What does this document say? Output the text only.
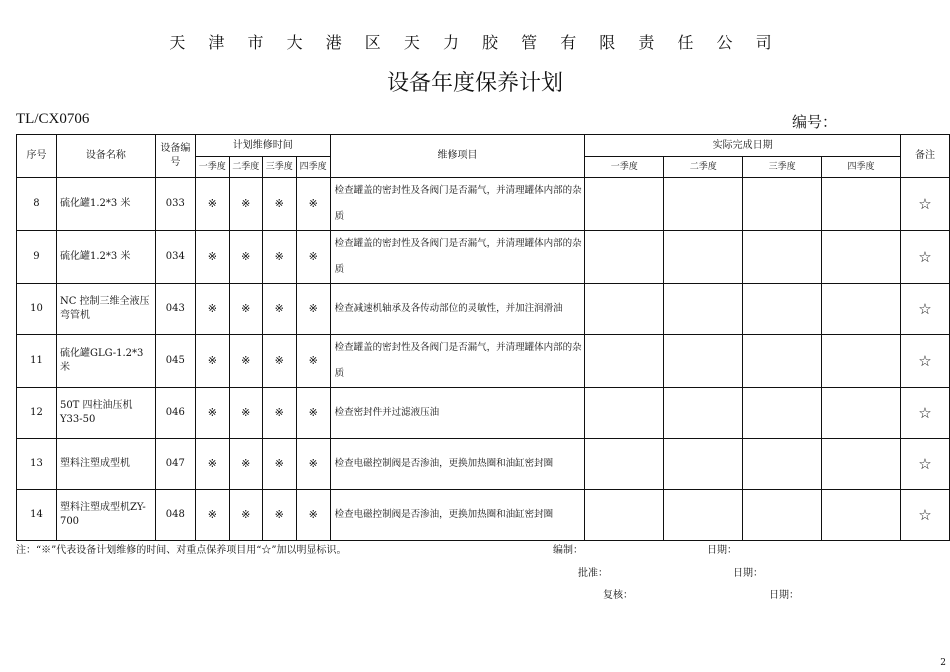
天 津 市 大 港 区 天 力 胶 管 有 限 责 任 公 司
设备年度保养计划
TL/CX0706	编号：
序号	设备名称	设备编号	计划维修时间				维修项目	实际完成日期				备注
			一季度	二季度	三季度	四季度		一季度	二季度	三季度	四季度	
8	硫化罐1.2*3 米	033	※	※	※	※	检查罐盖的密封性及各阀门是否漏气，并清理罐体内部的杂质					☆
9	硫化罐1.2*3 米	034	※	※	※	※	检查罐盖的密封性及各阀门是否漏气，并清理罐体内部的杂质					☆
10	NC 控制三维全液压弯管机	043	※	※	※	※	检查减速机轴承及各传动部位的灵敏性，并加注润滑油					☆
11	硫化罐GLG-1.2*3 米	045	※	※	※	※	检查罐盖的密封性及各阀门是否漏气，并清理罐体内部的杂质					☆
12	50T 四柱油压机Y33-50	046	※	※	※	※	检查密封件并过滤液压油					☆
13	塑料注塑成型机	047	※	※	※	※	检查电磁控制阀是否渗油，更换加热圈和油缸密封圈					☆
14	塑料注塑成型机ZY-700	048	※	※	※	※	检查电磁控制阀是否渗油，更换加热圈和油缸密封圈					☆
注：“※”代表设备计划维修的时间、对重点保养项目用“☆”加以明显标识。	编制：	日期：
批准：	日期：
复核：	日期：
2
